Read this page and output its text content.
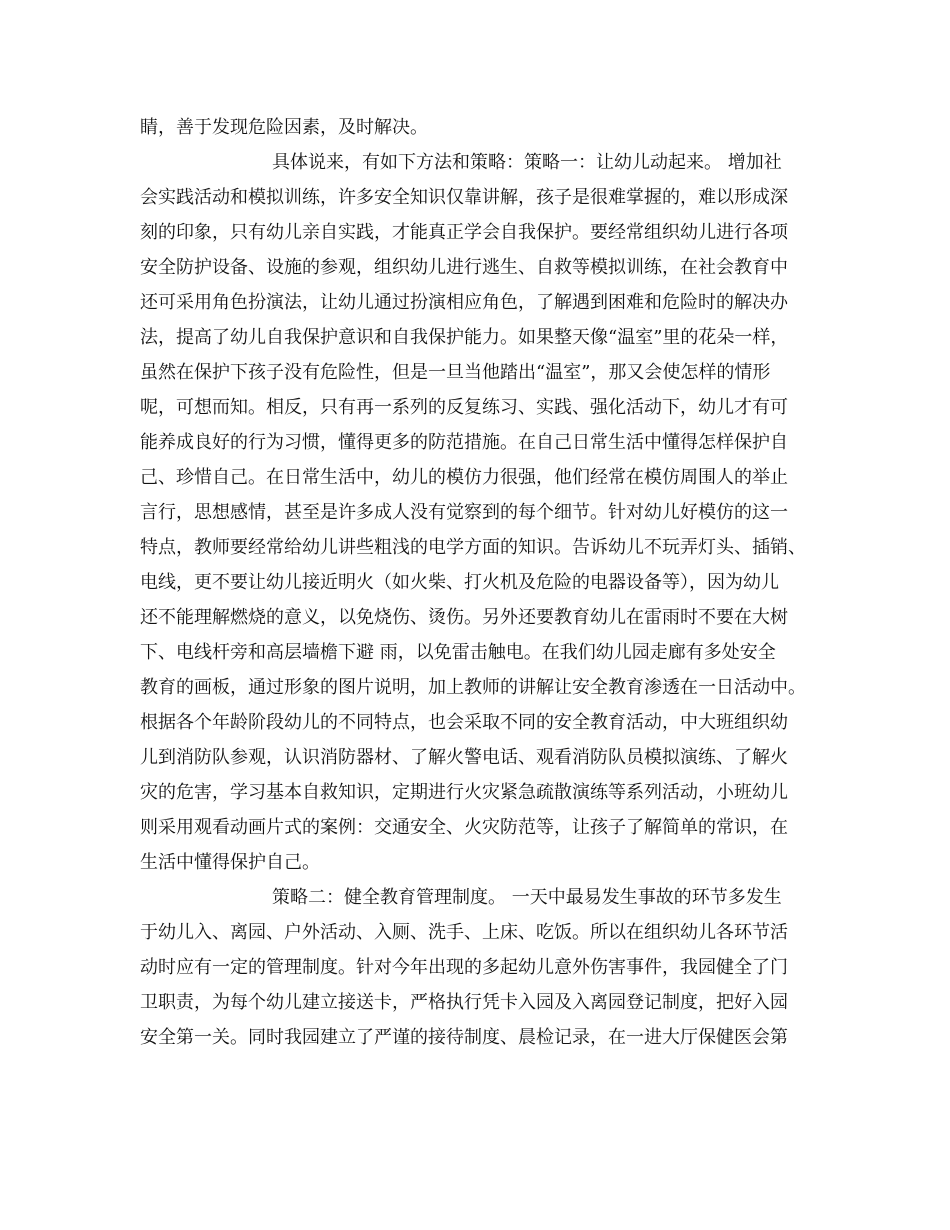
睛，善于发现危险因素，及时解决。

具体说来，有如下方法和策略：策略一：让幼儿动起来。 增加社

会实践活动和模拟训练，许多安全知识仅靠讲解，孩子是很难掌握的，难以形成深

刻的印象，只有幼儿亲自实践，才能真正学会自我保护。要经常组织幼儿进行各项

安全防护设备、设施的参观，组织幼儿进行逃生、自救等模拟训练，在社会教育中

还可采用角色扮演法，让幼儿通过扮演相应角色，了解遇到困难和危险时的解决办

法，提高了幼儿自我保护意识和自我保护能力。如果整天像“温室”里的花朵一样，

虽然在保护下孩子没有危险性，但是一旦当他踏出“温室”，那又会使怎样的情形

呢，可想而知。相反，只有再一系列的反复练习、实践、强化活动下，幼儿才有可

能养成良好的行为习惯，懂得更多的防范措施。在自己日常生活中懂得怎样保护自

己、珍惜自己。在日常生活中，幼儿的模仿力很强，他们经常在模仿周围人的举止

言行，思想感情，甚至是许多成人没有觉察到的每个细节。针对幼儿好模仿的这一

特点，教师要经常给幼儿讲些粗浅的电学方面的知识。告诉幼儿不玩弄灯头、插销、

电线，更不要让幼儿接近明火（如火柴、打火机及危险的电器设备等），因为幼儿

还不能理解燃烧的意义，以免烧伤、烫伤。另外还要教育幼儿在雷雨时不要在大树

下、电线杆旁和高层墙檐下避 雨，以免雷击触电。在我们幼儿园走廊有多处安全

教育的画板，通过形象的图片说明，加上教师的讲解让安全教育渗透在一日活动中。

根据各个年龄阶段幼儿的不同特点，也会采取不同的安全教育活动，中大班组织幼

儿到消防队参观，认识消防器材、了解火警电话、观看消防队员模拟演练、了解火

灾的危害，学习基本自救知识，定期进行火灾紧急疏散演练等系列活动，小班幼儿

则采用观看动画片式的案例：交通安全、火灾防范等，让孩子了解简单的常识，在

生活中懂得保护自己。

策略二：健全教育管理制度。 一天中最易发生事故的环节多发生

于幼儿入、离园、户外活动、入厕、洗手、上床、吃饭。所以在组织幼儿各环节活

动时应有一定的管理制度。针对今年出现的多起幼儿意外伤害事件，我园健全了门

卫职责，为每个幼儿建立接送卡，严格执行凭卡入园及入离园登记制度，把好入园

安全第一关。同时我园建立了严谨的接待制度、晨检记录，在一进大厅保健医会第
